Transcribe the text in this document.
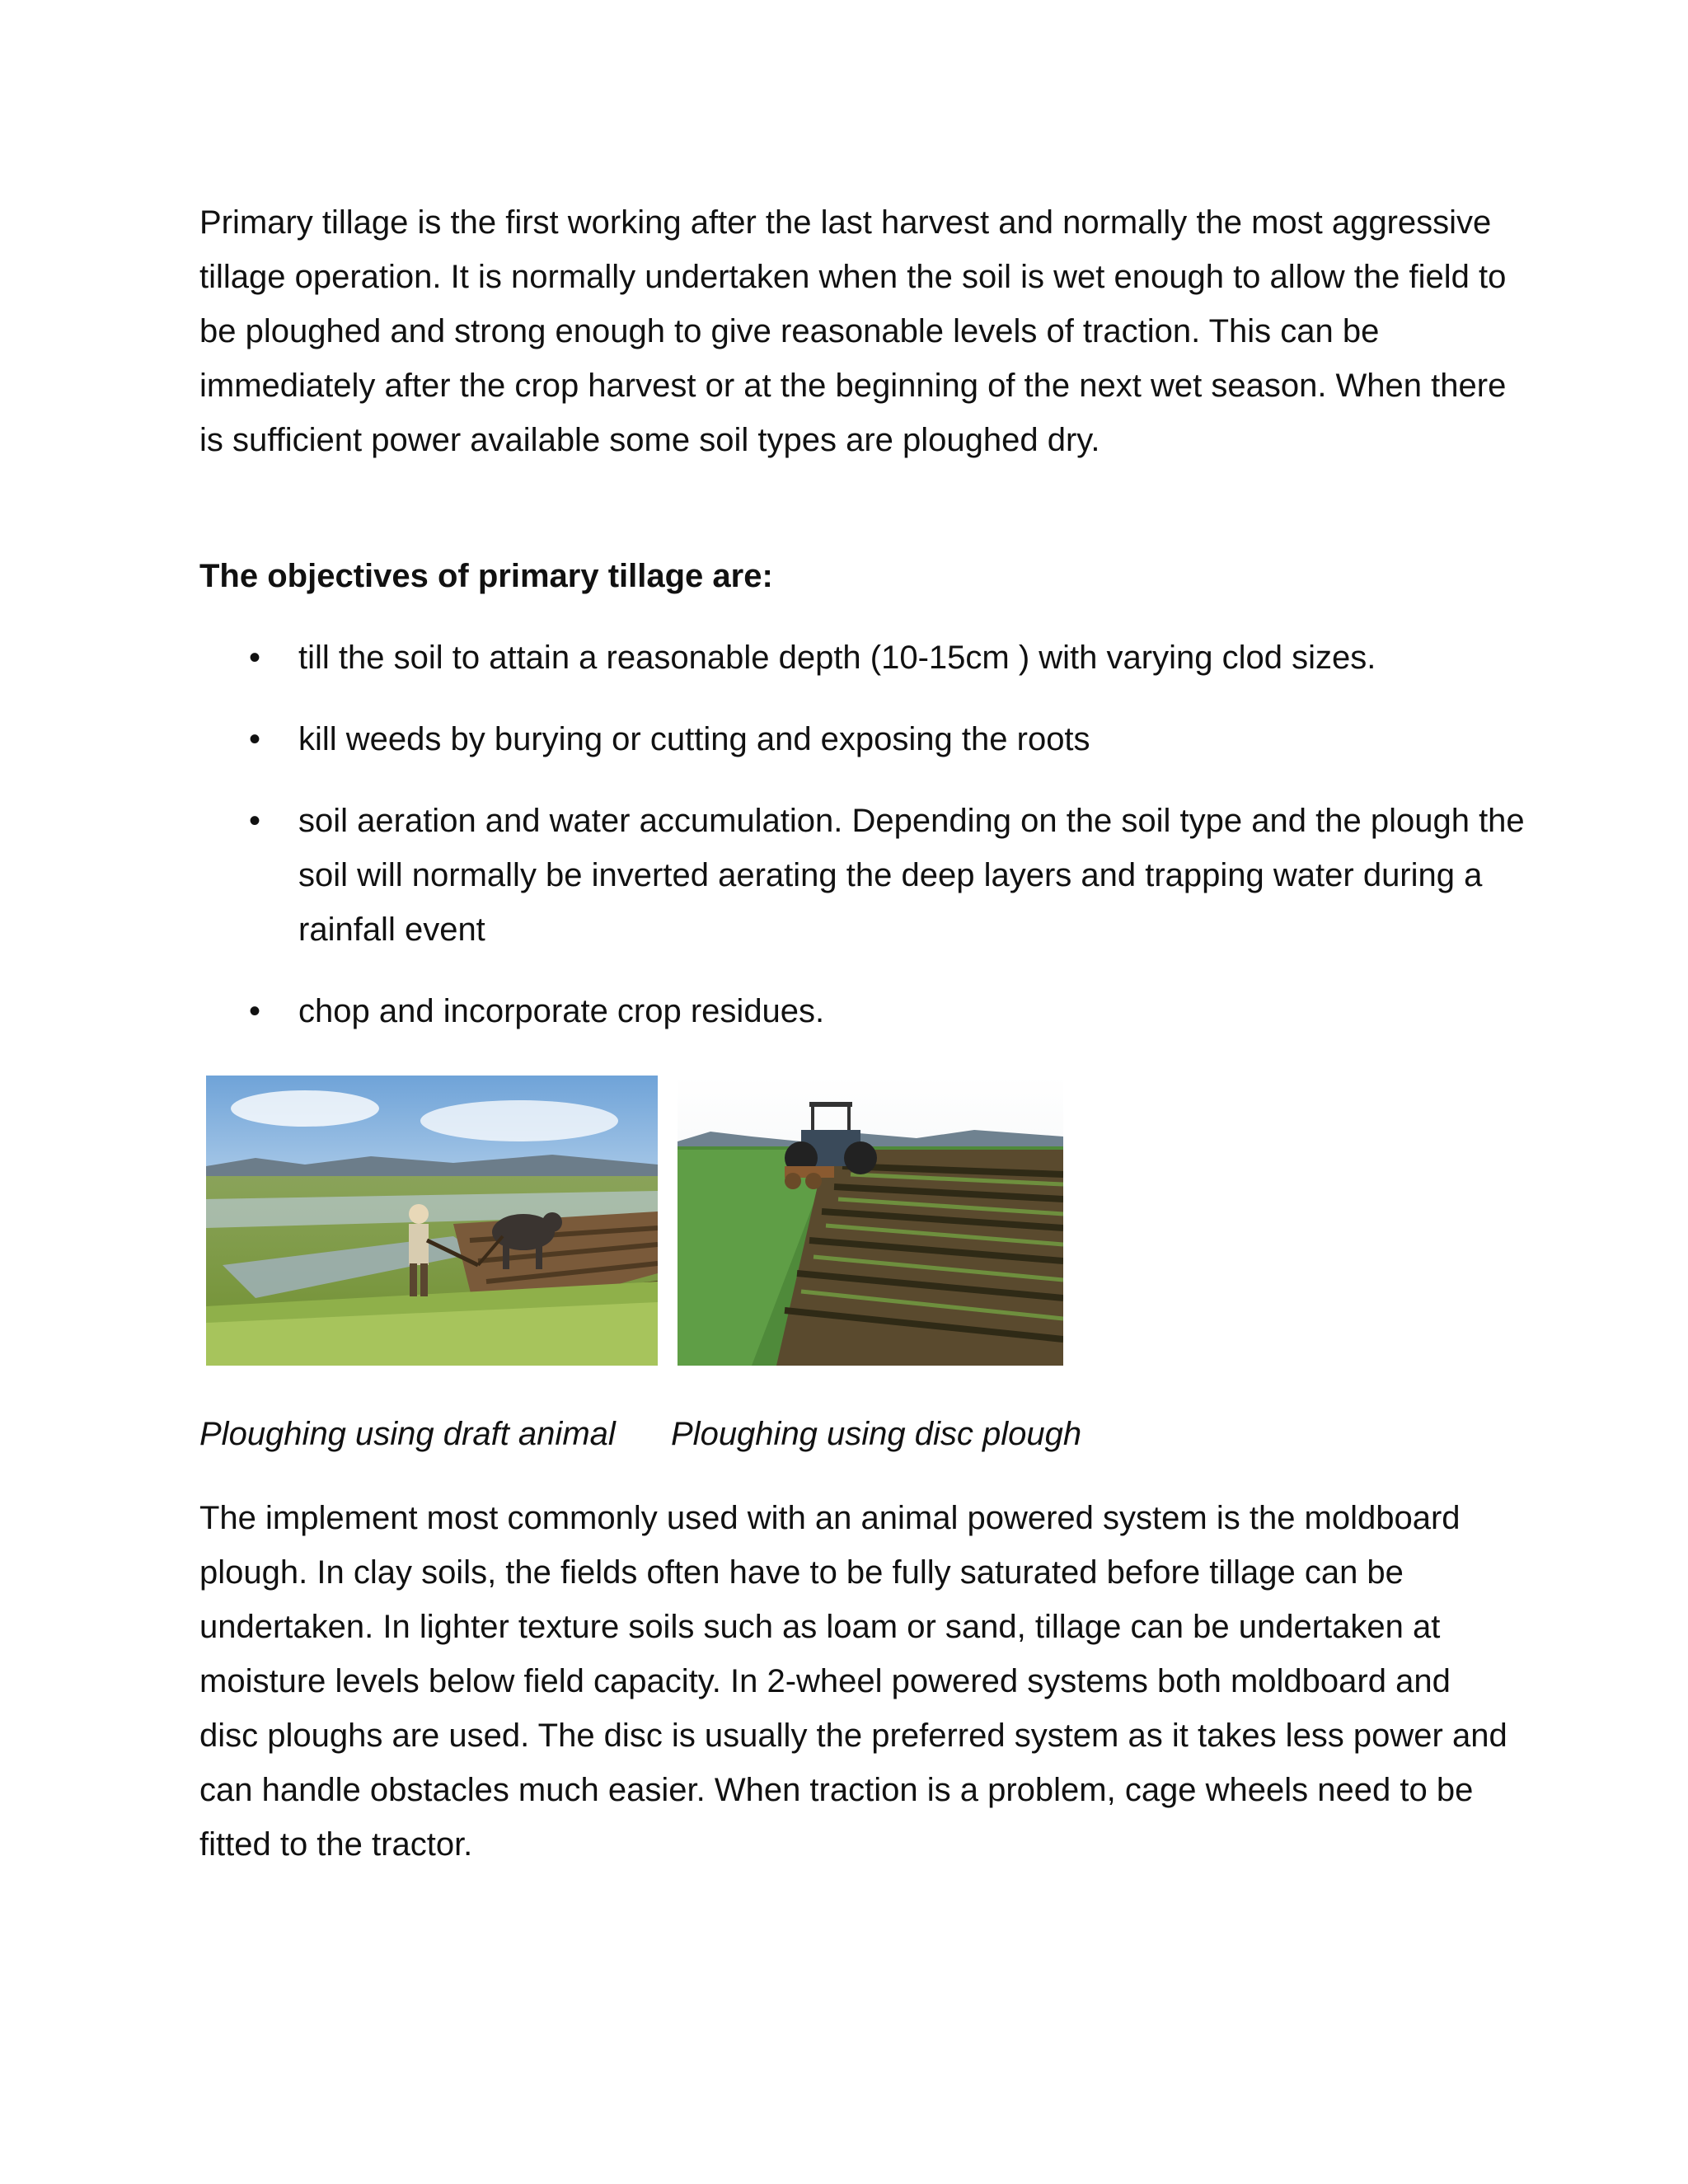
Primary tillage is the first working after the last harvest and normally the most aggressive tillage operation. It is normally undertaken when the soil is wet enough to allow the field to be ploughed and strong enough to give reasonable levels of traction. This can be immediately after the crop harvest or at the beginning of the next wet season. When there is sufficient power available some soil types are ploughed dry.

The objectives of primary tillage are:

• till the soil to attain a reasonable depth (10-15cm ) with varying clod sizes.
• kill weeds by burying or cutting and exposing the roots
• soil aeration and water accumulation. Depending on the soil type and the plough the soil will normally be inverted aerating the deep layers and trapping water during a rainfall event
• chop and incorporate crop residues.

Ploughing using draft animal Ploughing using disc plough

The implement most commonly used with an animal powered system is the moldboard plough. In clay soils, the fields often have to be fully saturated before tillage can be undertaken. In lighter texture soils such as loam or sand, tillage can be undertaken at moisture levels below field capacity. In 2-wheel powered systems both moldboard and disc ploughs are used. The disc is usually the preferred system as it takes less power and can handle obstacles much easier. When traction is a problem, cage wheels need to be fitted to the tractor.
